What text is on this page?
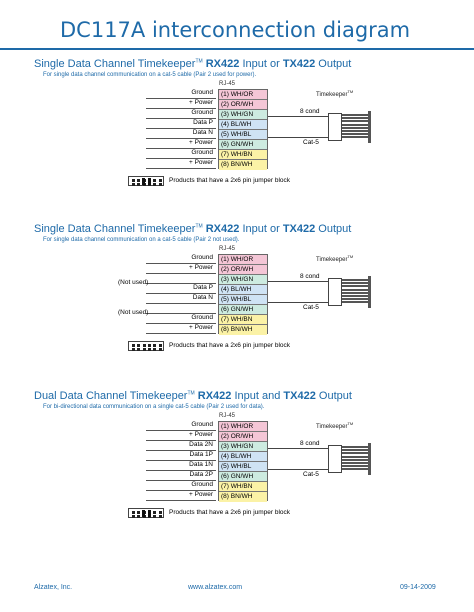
DC117A interconnection diagram
Single Data Channel Timekeeper™ RX422 Input or TX422 Output
For single data channel communication on a cat-5 cable (Pair 2 used for power).
RJ-45
Timekeeper™
Ground
+ Power
Ground
Data P
Data N
+ Power
Ground
+ Power
(1) WH/OR
(2) OR/WH
(3) WH/GN
(4) BL/WH
(5) WH/BL
(6) GN/WH
(7) WH/BN
(8) BN/WH
8 cond
Cat-5
Products that have a 2x6 pin jumper block
Single Data Channel Timekeeper™ RX422 Input or TX422 Output
For single data channel communication on a cat-5 cable (Pair 2 not used).
RJ-45
Timekeeper™
Ground
+ Power
(Not used)
Data P
Data N
(Not used)
Ground
+ Power
(1) WH/OR
(2) OR/WH
(3) WH/GN
(4) BL/WH
(5) WH/BL
(6) GN/WH
(7) WH/BN
(8) BN/WH
8 cond
Cat-5
Products that have a 2x6 pin jumper block
Dual Data Channel Timekeeper™ RX422 Input and TX422 Output
For bi-directional data communication on a single cat-5 cable (Pair 2 used for data).
RJ-45
Timekeeper™
Ground
+ Power
Data 2N
Data 1P
Data 1N
Data 2P
Ground
+ Power
(1) WH/OR
(2) OR/WH
(3) WH/GN
(4) BL/WH
(5) WH/BL
(6) GN/WH
(7) WH/BN
(8) BN/WH
8 cond
Cat-5
Products that have a 2x6 pin jumper block
Alzatex, Inc.	www.alzatex.com	09-14-2009
